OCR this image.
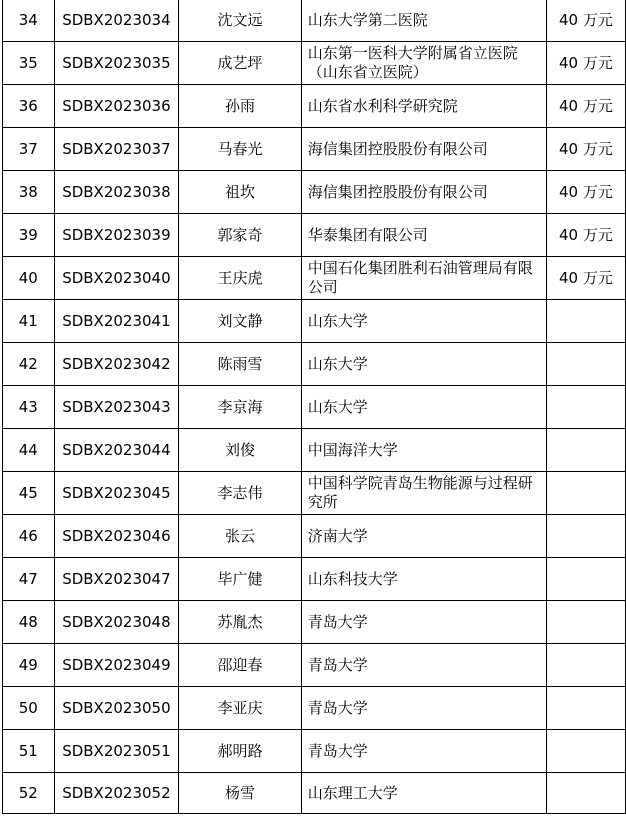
34	SDBX2023034	沈文远	山东大学第二医院	40 万元
35	SDBX2023035	成艺坪	山东第一医科大学附属省立医院（山东省立医院）	40 万元
36	SDBX2023036	孙雨	山东省水利科学研究院	40 万元
37	SDBX2023037	马春光	海信集团控股股份有限公司	40 万元
38	SDBX2023038	祖坎	海信集团控股股份有限公司	40 万元
39	SDBX2023039	郭家奇	华泰集团有限公司	40 万元
40	SDBX2023040	王庆虎	中国石化集团胜利石油管理局有限公司	40 万元
41	SDBX2023041	刘文静	山东大学	
42	SDBX2023042	陈雨雪	山东大学	
43	SDBX2023043	李京海	山东大学	
44	SDBX2023044	刘俊	中国海洋大学	
45	SDBX2023045	李志伟	中国科学院青岛生物能源与过程研究所	
46	SDBX2023046	张云	济南大学	
47	SDBX2023047	毕广健	山东科技大学	
48	SDBX2023048	苏胤杰	青岛大学	
49	SDBX2023049	邵迎春	青岛大学	
50	SDBX2023050	李亚庆	青岛大学	
51	SDBX2023051	郝明路	青岛大学	
52	SDBX2023052	杨雪	山东理工大学	
